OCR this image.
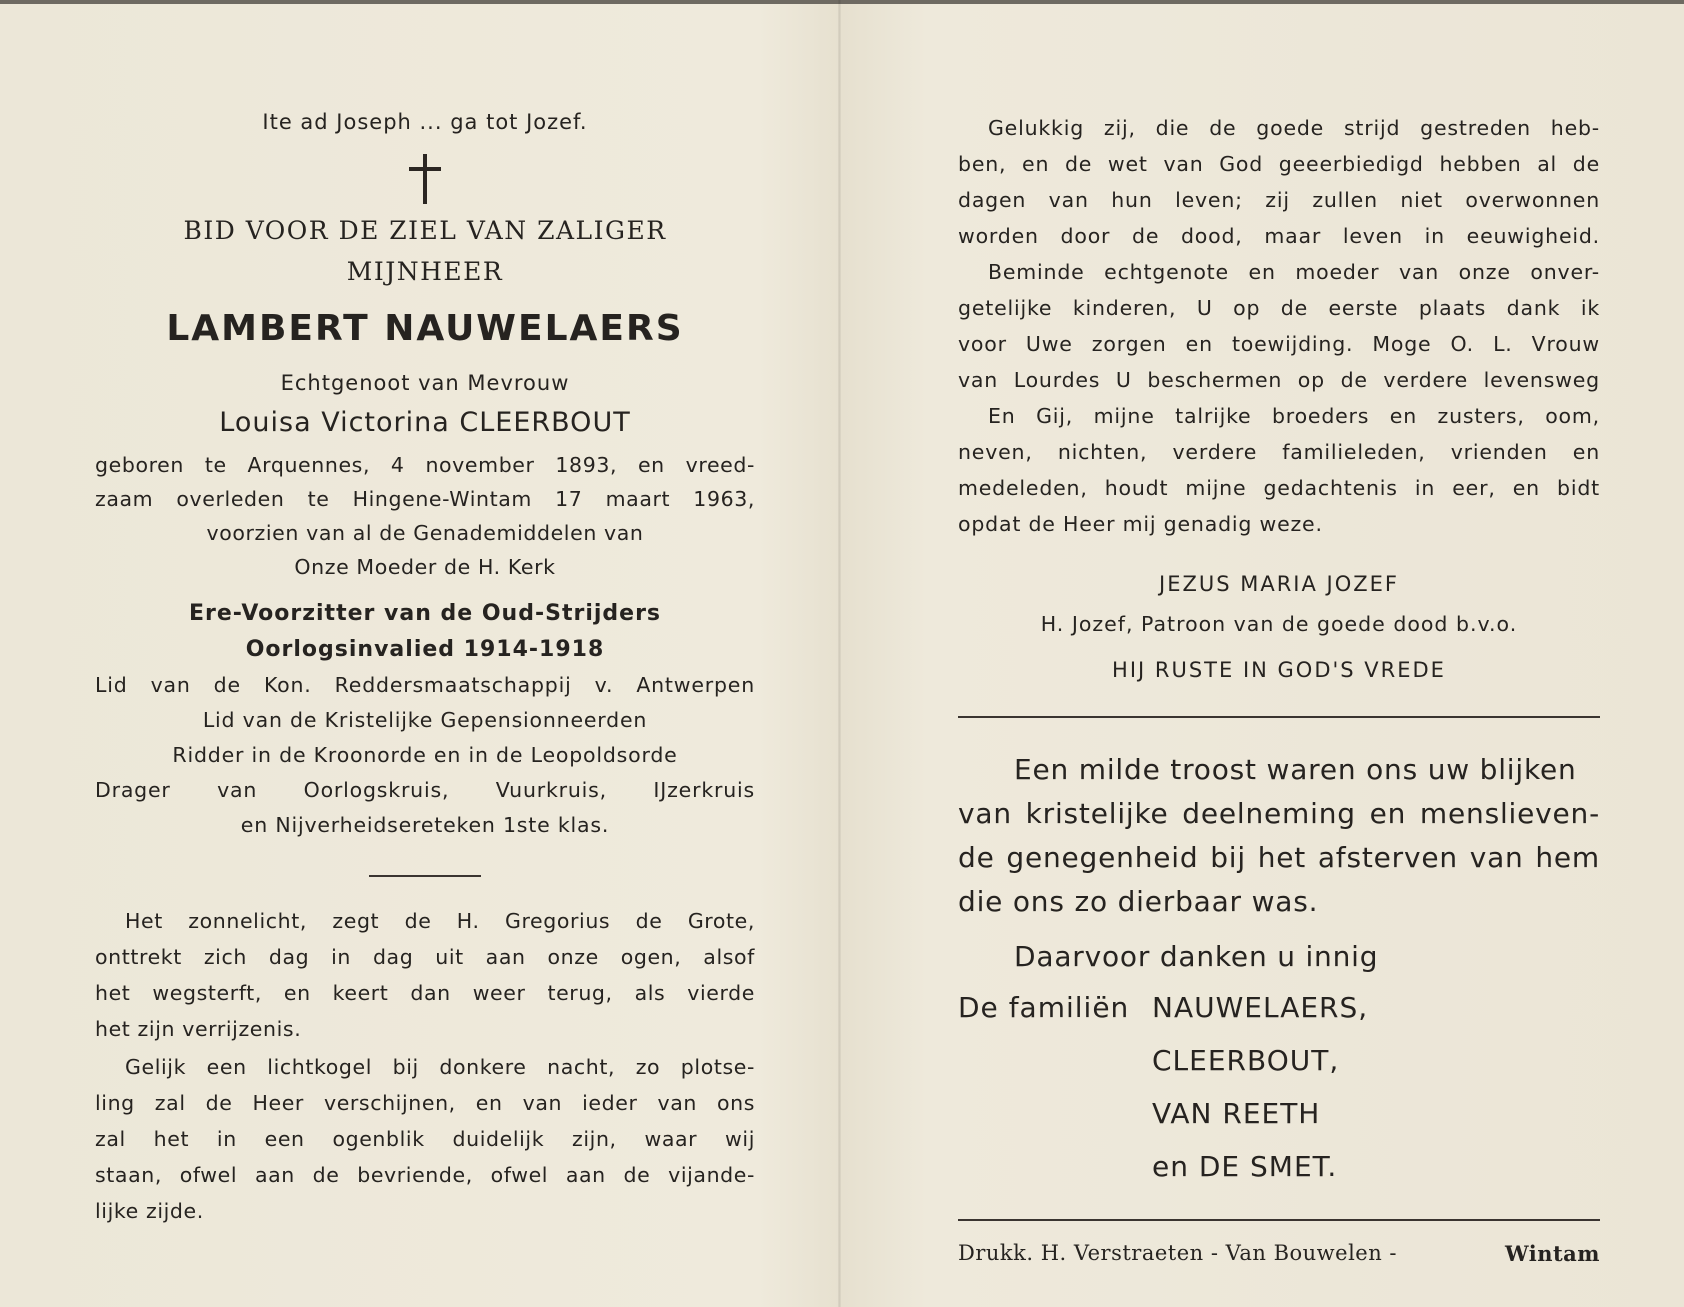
Ite ad Joseph ... ga tot Jozef.
BID VOOR DE ZIEL VAN ZALIGER
MIJNHEER
LAMBERT NAUWELAERS
Echtgenoot van Mevrouw
Louisa Victorina CLEERBOUT
geboren te Arquennes, 4 november 1893, en vreed-
zaam overleden te Hingene-Wintam 17 maart 1963,
voorzien van al de Genademiddelen van
Onze Moeder de H. Kerk
Ere-Voorzitter van de Oud-Strijders
Oorlogsinvalied 1914-1918
Lid van de Kon. Reddersmaatschappij v. Antwerpen
Lid van de Kristelijke Gepensionneerden
Ridder in de Kroonorde en in de Leopoldsorde
Drager van Oorlogskruis, Vuurkruis, IJzerkruis
en Nijverheidsereteken 1ste klas.
Het zonnelicht, zegt de H. Gregorius de Grote,
onttrekt zich dag in dag uit aan onze ogen, alsof
het wegsterft, en keert dan weer terug, als vierde
het zijn verrijzenis.
Gelijk een lichtkogel bij donkere nacht, zo plotse-
ling zal de Heer verschijnen, en van ieder van ons
zal het in een ogenblik duidelijk zijn, waar wij
staan, ofwel aan de bevriende, ofwel aan de vijande-
lijke zijde.
Gelukkig zij, die de goede strijd gestreden heb-
ben, en de wet van God geeerbiedigd hebben al de
dagen van hun leven; zij zullen niet overwonnen
worden door de dood, maar leven in eeuwigheid.
Beminde echtgenote en moeder van onze onver-
getelijke kinderen, U op de eerste plaats dank ik
voor Uwe zorgen en toewijding. Moge O. L. Vrouw
van Lourdes U beschermen op de verdere levensweg
En Gij, mijne talrijke broeders en zusters, oom,
neven, nichten, verdere familieleden, vrienden en
medeleden, houdt mijne gedachtenis in eer, en bidt
opdat de Heer mij genadig weze.
JEZUS MARIA JOZEF
H. Jozef, Patroon van de goede dood b.v.o.
HIJ RUSTE IN GOD'S VREDE
Een milde troost waren ons uw blijken
van kristelijke deelneming en menslieven-
de genegenheid bij het afsterven van hem
die ons zo dierbaar was.
Daarvoor danken u innig
De familiën NAUWELAERS,
CLEERBOUT,
VAN REETH
en DE SMET.
Drukk. H. Verstraeten - Van Bouwelen -	Wintam
